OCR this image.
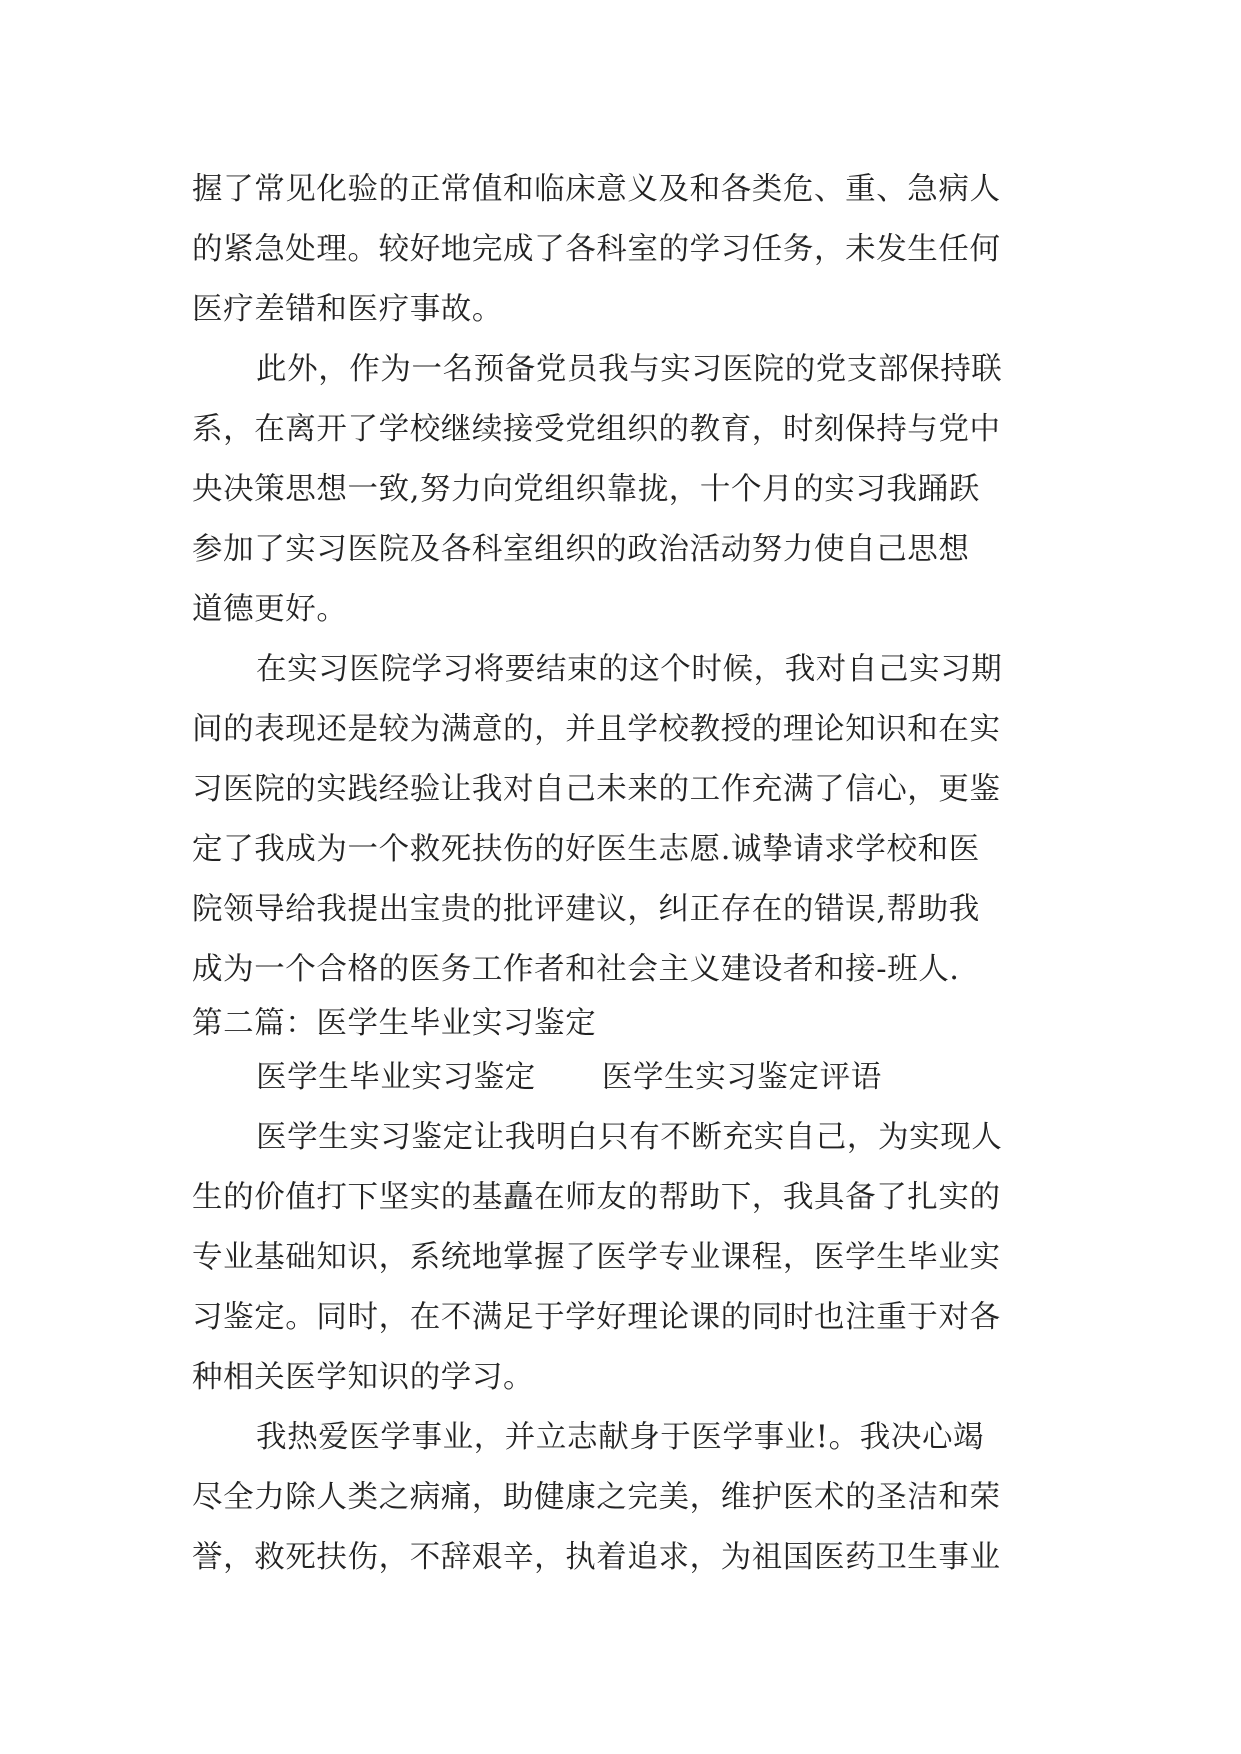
握了常见化验的正常值和临床意义及和各类危、重、急病人
的紧急处理。较好地完成了各科室的学习任务，未发生任何
医疗差错和医疗事故。
此外，作为一名预备党员我与实习医院的党支部保持联
系，在离开了学校继续接受党组织的教育，时刻保持与党中
央决策思想一致,努力向党组织靠拢，十个月的实习我踊跃
参加了实习医院及各科室组织的政治活动努力使自己思想
道德更好。
在实习医院学习将要结束的这个时候，我对自己实习期
间的表现还是较为满意的，并且学校教授的理论知识和在实
习医院的实践经验让我对自己未来的工作充满了信心，更鉴
定了我成为一个救死扶伤的好医生志愿.诚挚请求学校和医
院领导给我提出宝贵的批评建议，纠正存在的错误,帮助我
成为一个合格的医务工作者和社会主义建设者和接-班人.
第二篇：医学生毕业实习鉴定
医学生毕业实习鉴定 医学生实习鉴定评语
医学生实习鉴定让我明白只有不断充实自己，为实现人
生的价值打下坚实的基矗在师友的帮助下，我具备了扎实的
专业基础知识，系统地掌握了医学专业课程，医学生毕业实
习鉴定。同时，在不满足于学好理论课的同时也注重于对各
种相关医学知识的学习。
我热爱医学事业，并立志献身于医学事业!。我决心竭
尽全力除人类之病痛，助健康之完美，维护医术的圣洁和荣
誉，救死扶伤，不辞艰辛，执着追求，为祖国医药卫生事业
